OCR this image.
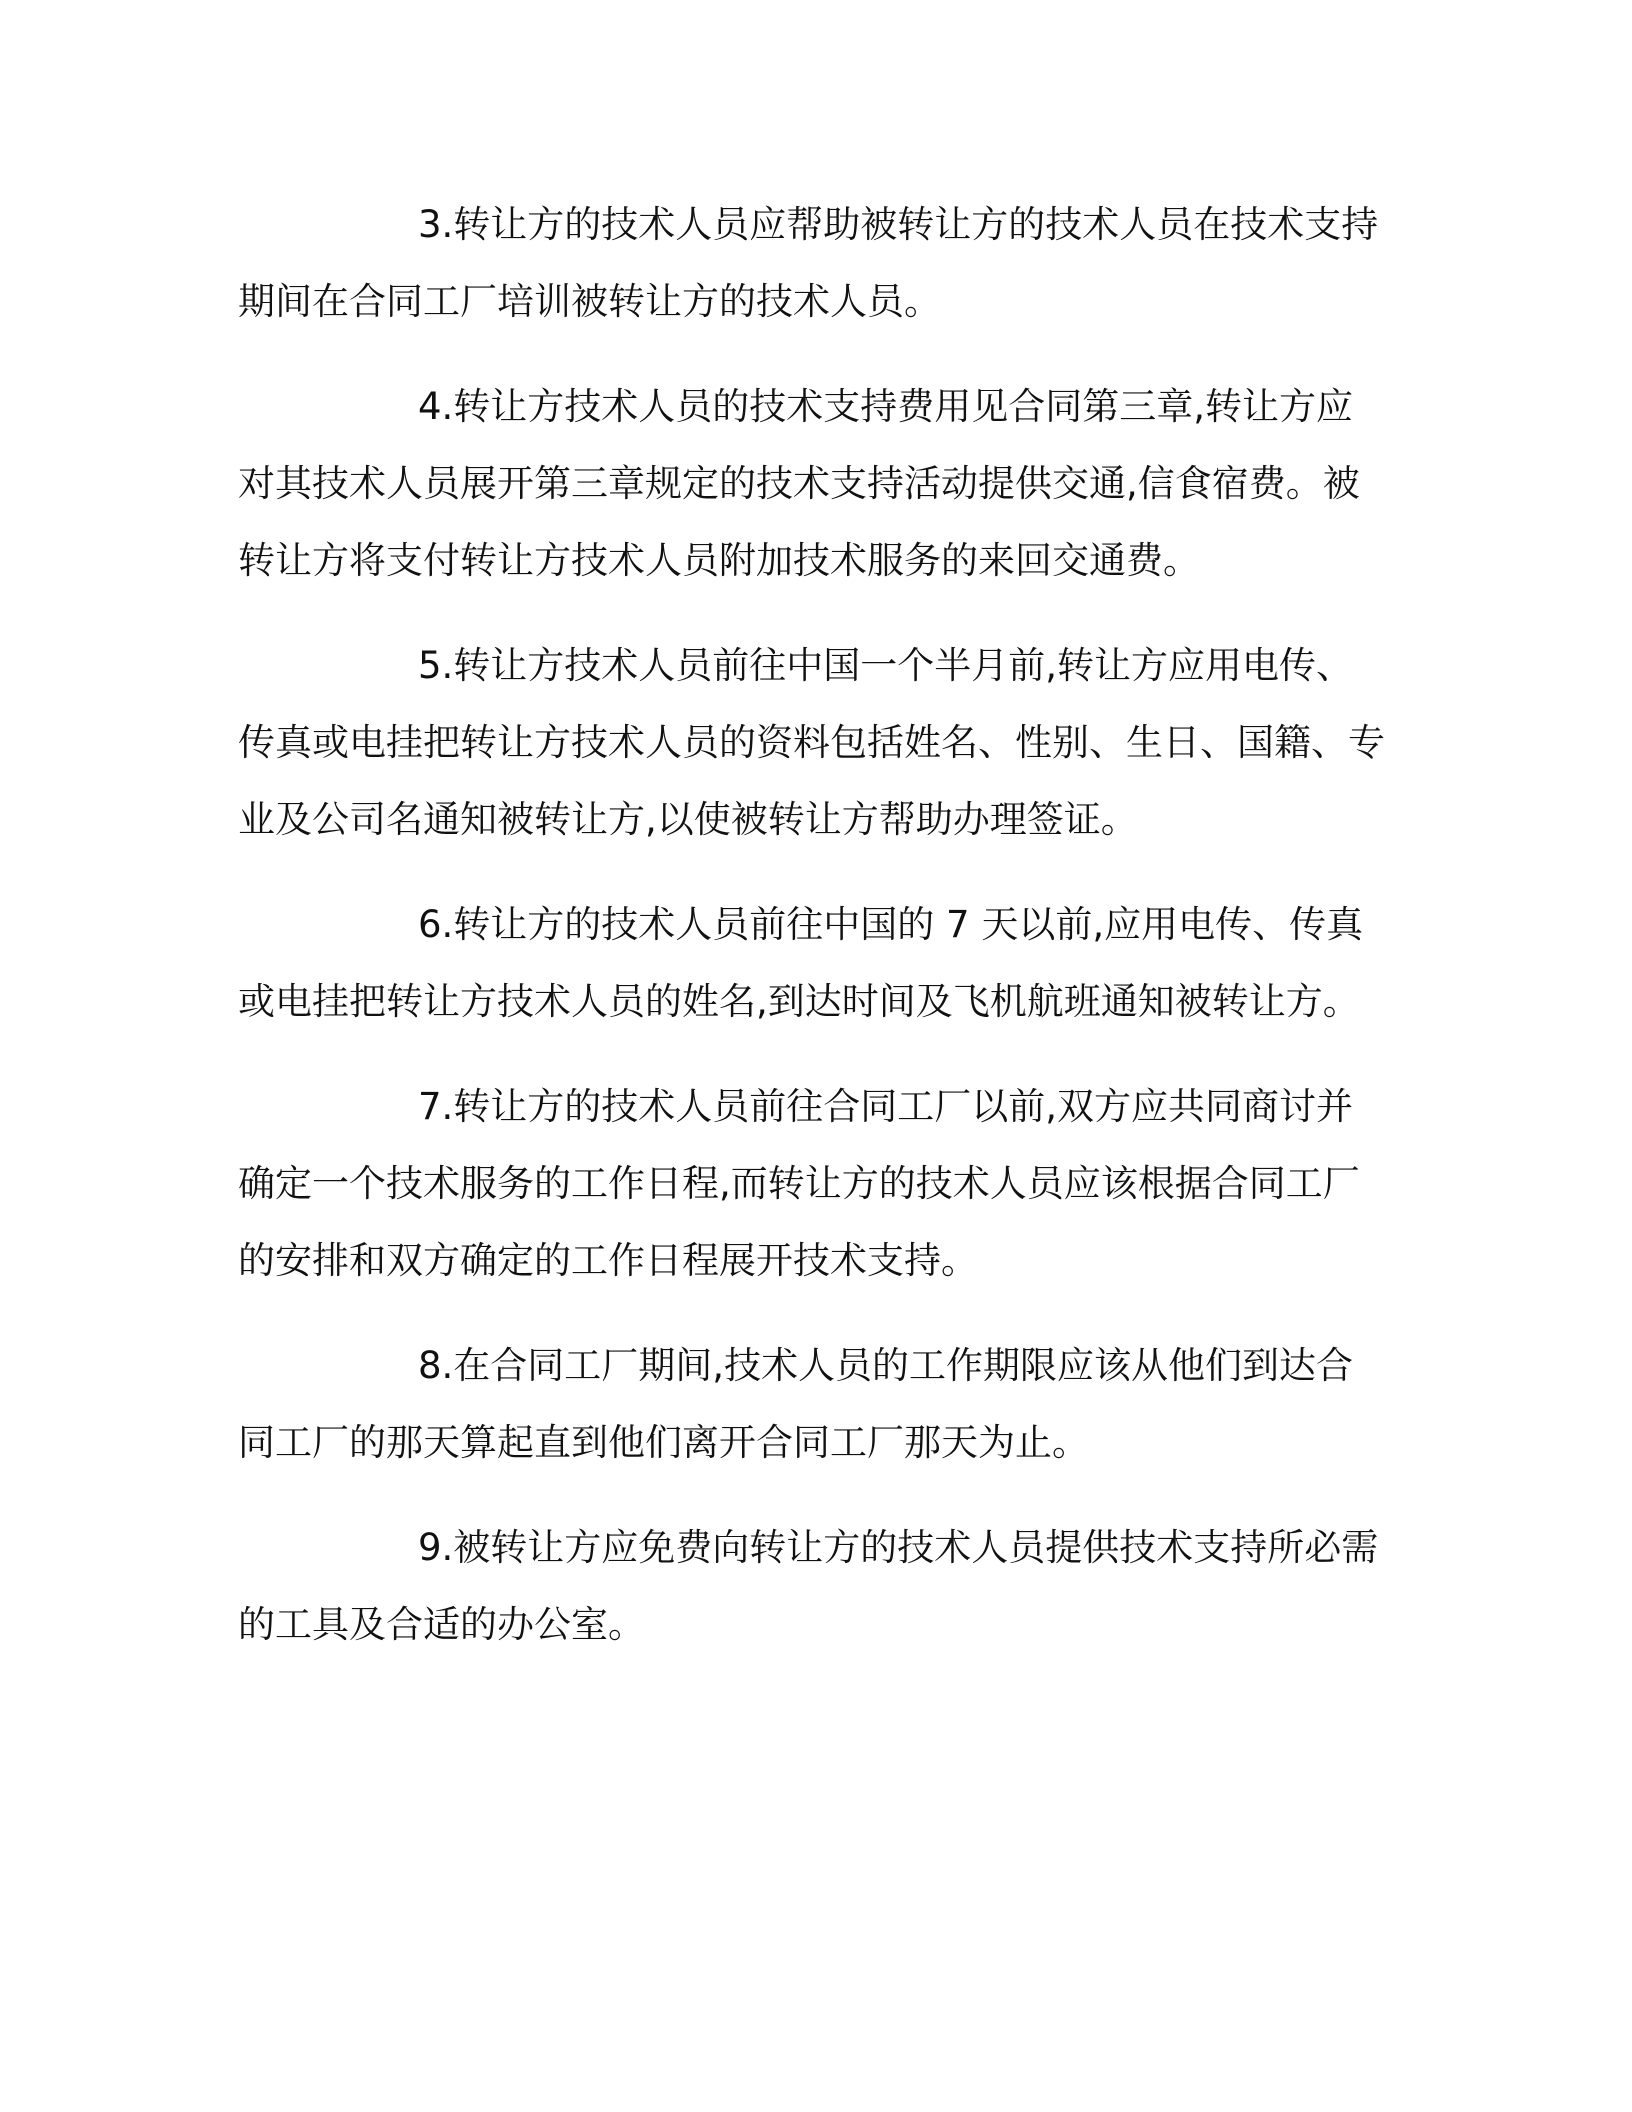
3.转让方的技术人员应帮助被转让方的技术人员在技术支持期间在合同工厂培训被转让方的技术人员。

4.转让方技术人员的技术支持费用见合同第三章,转让方应对其技术人员展开第三章规定的技术支持活动提供交通,信食宿费。被转让方将支付转让方技术人员附加技术服务的来回交通费。

5.转让方技术人员前往中国一个半月前,转让方应用电传、传真或电挂把转让方技术人员的资料包括姓名、性别、生日、国籍、专业及公司名通知被转让方,以使被转让方帮助办理签证。

6.转让方的技术人员前往中国的 7 天以前,应用电传、传真或电挂把转让方技术人员的姓名,到达时间及飞机航班通知被转让方。

7.转让方的技术人员前往合同工厂以前,双方应共同商讨并确定一个技术服务的工作日程,而转让方的技术人员应该根据合同工厂的安排和双方确定的工作日程展开技术支持。

8.在合同工厂期间,技术人员的工作期限应该从他们到达合同工厂的那天算起直到他们离开合同工厂那天为止。

9.被转让方应免费向转让方的技术人员提供技术支持所必需的工具及合适的办公室。
